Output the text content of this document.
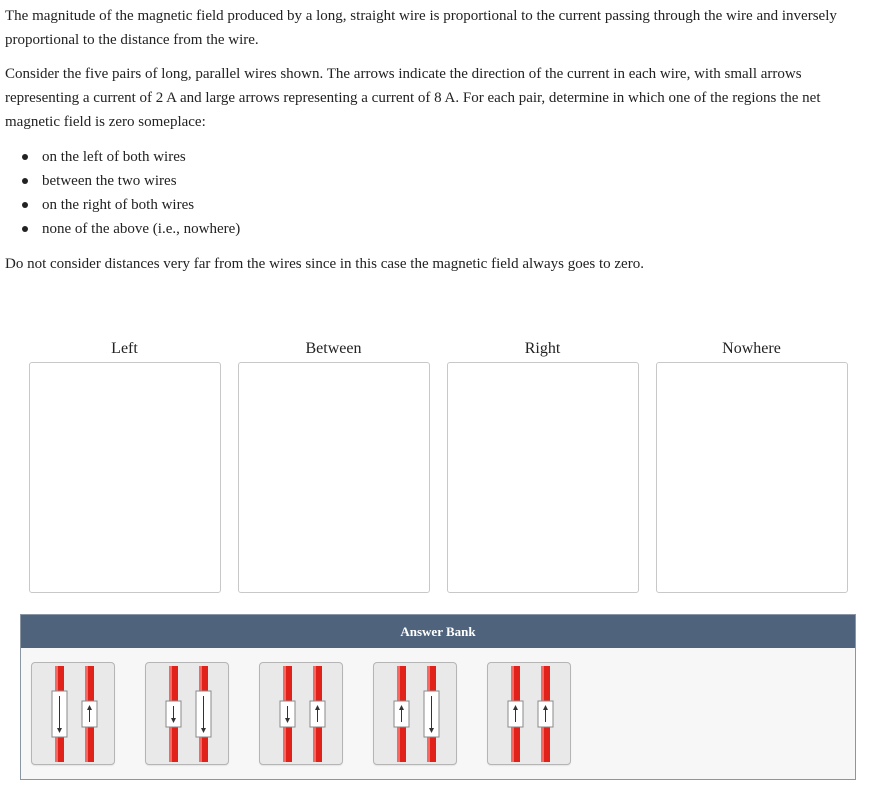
The magnitude of the magnetic field produced by a long, straight wire is proportional to the current passing through the wire and inversely proportional to the distance from the wire.

Consider the five pairs of long, parallel wires shown. The arrows indicate the direction of the current in each wire, with small arrows representing a current of 2 A and large arrows representing a current of 8 A. For each pair, determine in which one of the regions the net magnetic field is zero someplace:

on the left of both wires
between the two wires
on the right of both wires
none of the above (i.e., nowhere)

Do not consider distances very far from the wires since in this case the magnetic field always goes to zero.

Left	Between	Right	Nowhere
Answer Bank
